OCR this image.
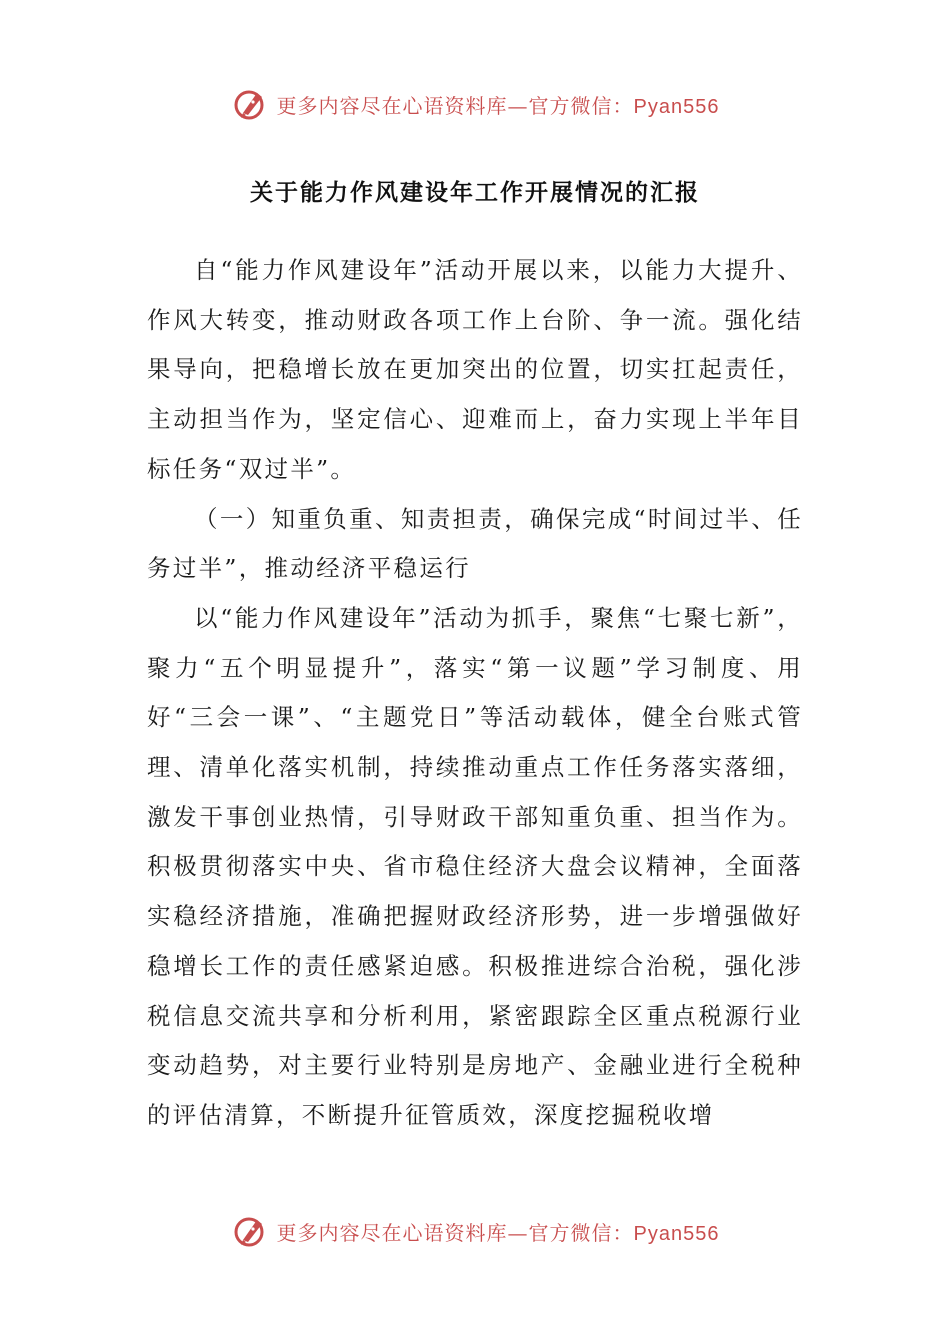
更多内容尽在心语资料库—官方微信：Pyan556
关于能力作风建设年工作开展情况的汇报

自“能力作风建设年”活动开展以来，以能力大提升、作风大转变，推动财政各项工作上台阶、争一流。强化结果导向，把稳增长放在更加突出的位置，切实扛起责任，主动担当作为，坚定信心、迎难而上，奋力实现上半年目标任务“双过半”。

（一）知重负重、知责担责，确保完成“时间过半、任务过半”，推动经济平稳运行

以“能力作风建设年”活动为抓手，聚焦“七聚七新”，聚力“五个明显提升”，落实“第一议题”学习制度、用好“三会一课”、“主题党日”等活动载体，健全台账式管理、清单化落实机制，持续推动重点工作任务落实落细，激发干事创业热情，引导财政干部知重负重、担当作为。积极贯彻落实中央、省市稳住经济大盘会议精神，全面落实稳经济措施，准确把握财政经济形势，进一步增强做好稳增长工作的责任感紧迫感。积极推进综合治税，强化涉税信息交流共享和分析利用，紧密跟踪全区重点税源行业变动趋势，对主要行业特别是房地产、金融业进行全税种的评估清算，不断提升征管质效，深度挖掘税收增

更多内容尽在心语资料库—官方微信：Pyan556
